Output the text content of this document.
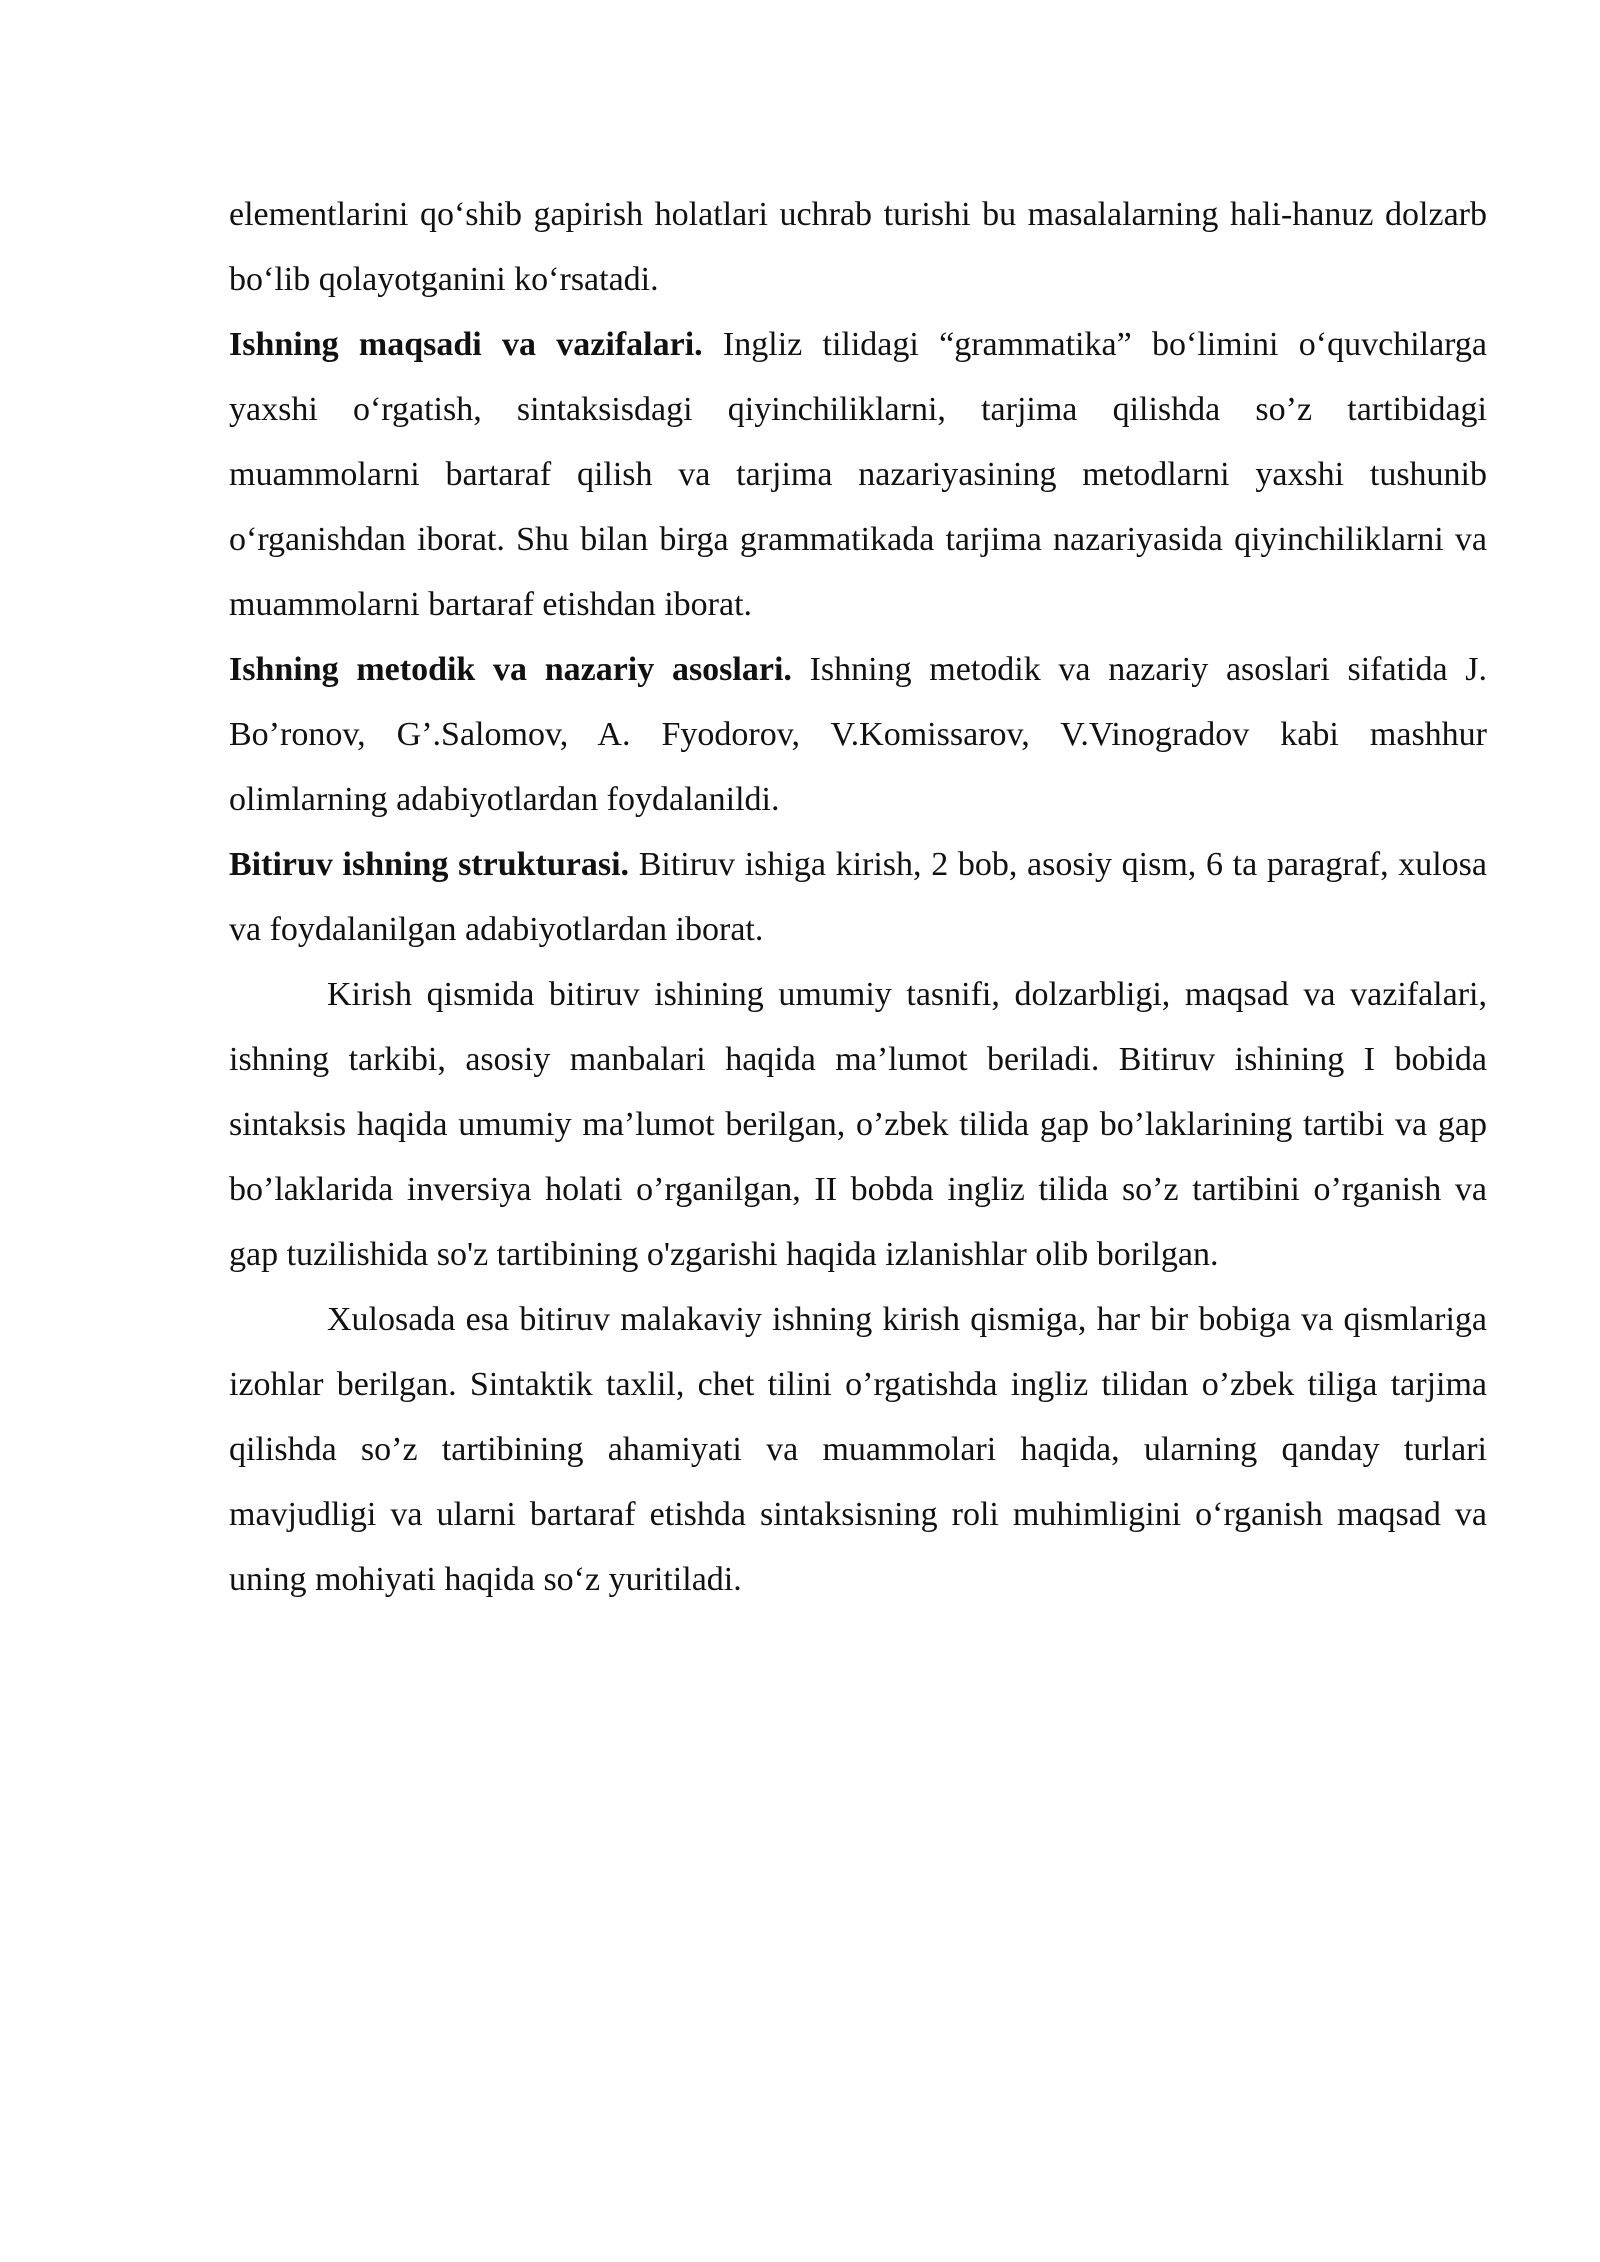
elementlarini qo‘shib gapirish holatlari uchrab turishi bu masalalarning hali-hanuz dolzarb bo‘lib qolayotganini ko‘rsatadi.

Ishning maqsadi va vazifalari. Ingliz tilidagi “grammatika” bo‘limini o‘quvchilarga yaxshi o‘rgatish, sintaksisdagi qiyinchiliklarni, tarjima qilishda so’z tartibidagi muammolarni bartaraf qilish va tarjima nazariyasining metodlarni yaxshi tushunib o‘rganishdan iborat. Shu bilan birga grammatikada tarjima nazariyasida qiyinchiliklarni va muammolarni bartaraf etishdan iborat.

Ishning metodik va nazariy asoslari. Ishning metodik va nazariy asoslari sifatida J. Bo’ronov, G’.Salomov, A. Fyodorov, V.Komissarov, V.Vinogradov kabi mashhur olimlarning adabiyotlardan foydalanildi.

Bitiruv ishning strukturasi. Bitiruv ishiga kirish, 2 bob, asosiy qism, 6 ta paragraf, xulosa va foydalanilgan adabiyotlardan iborat.

Kirish qismida bitiruv ishining umumiy tasnifi, dolzarbligi, maqsad va vazifalari, ishning tarkibi, asosiy manbalari haqida ma’lumot beriladi. Bitiruv ishining I bobida sintaksis haqida umumiy ma’lumot berilgan, o’zbek tilida gap bo’laklarining tartibi va gap bo’laklarida inversiya holati o’rganilgan, II bobda ingliz tilida so’z tartibini o’rganish va gap tuzilishida so'z tartibining o'zgarishi haqida izlanishlar olib borilgan.

Xulosada esa bitiruv malakaviy ishning kirish qismiga, har bir bobiga va qismlariga izohlar berilgan. Sintaktik taxlil, chet tilini o’rgatishda ingliz tilidan o’zbek tiliga tarjima qilishda so’z tartibining ahamiyati va muammolari haqida, ularning qanday turlari mavjudligi va ularni bartaraf etishda sintaksisning roli muhimligini o‘rganish maqsad va uning mohiyati haqida so‘z yuritiladi.
